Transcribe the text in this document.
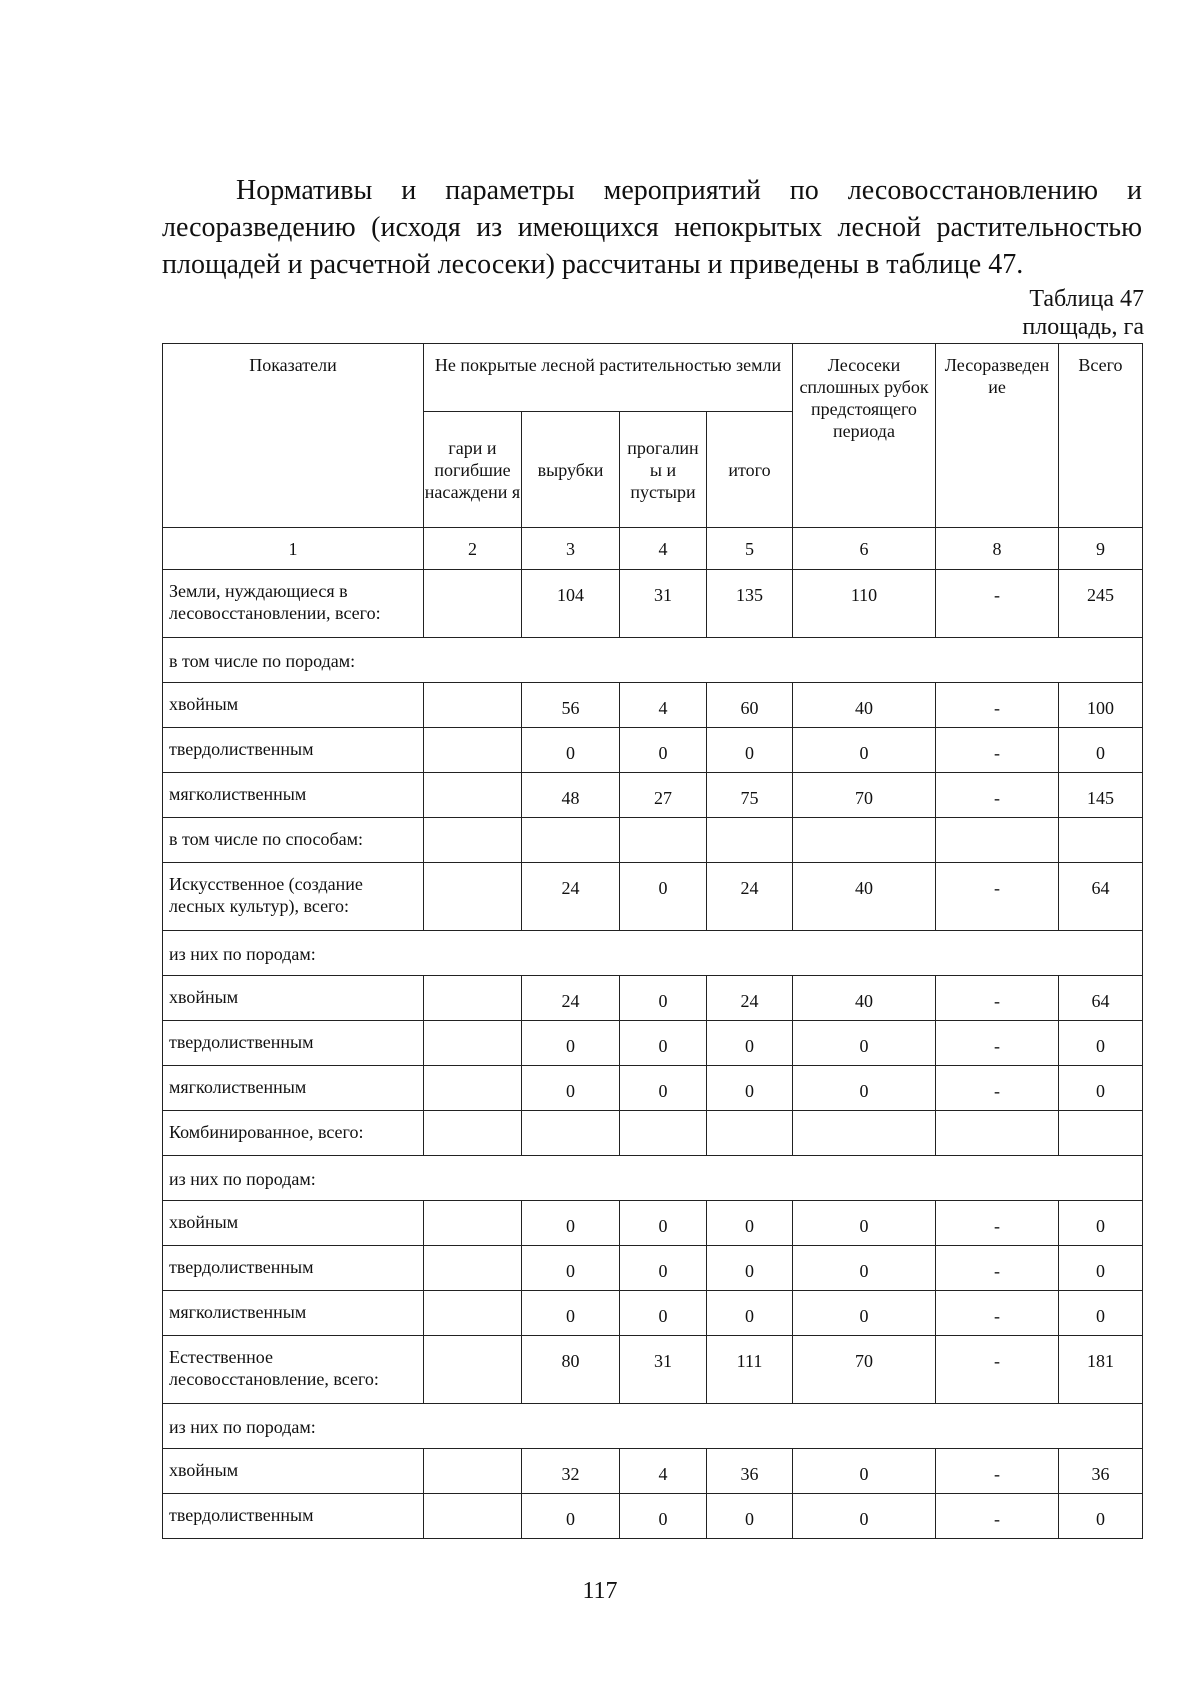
Нормативы и параметры мероприятий по лесовосстановлению и лесоразведению (исходя из имеющихся непокрытых лесной растительностью площадей и расчетной лесосеки) рассчитаны и приведены в таблице 47.

Таблица 47
площадь, га
Показатели	Не покрытые лесной растительностью земли				Лесосеки сплошных рубок предстоящего периода	Лесоразведен ие	Всего
	гари и погибшие насаждени я	вырубки	прогалин ы и пустыри	итого			
1	2	3	4	5	6	8	9
Земли, нуждающиеся в лесовосстановлении, всего:		104	31	135	110	-	245
в том числе по породам:							
хвойным		56	4	60	40	-	100
твердолиственным		0	0	0	0	-	0
мягколиственным		48	27	75	70	-	145
в том числе по способам:							
Искусственное (создание лесных культур), всего:		24	0	24	40	-	64
из них по породам:							
хвойным		24	0	24	40	-	64
твердолиственным		0	0	0	0	-	0
мягколиственным		0	0	0	0	-	0
Комбинированное, всего:							
из них по породам:							
хвойным		0	0	0	0	-	0
твердолиственным		0	0	0	0	-	0
мягколиственным		0	0	0	0	-	0
Естественное лесовосстановление, всего:		80	31	111	70	-	181
из них по породам:							
хвойным		32	4	36	0	-	36
твердолиственным		0	0	0	0	-	0
117
